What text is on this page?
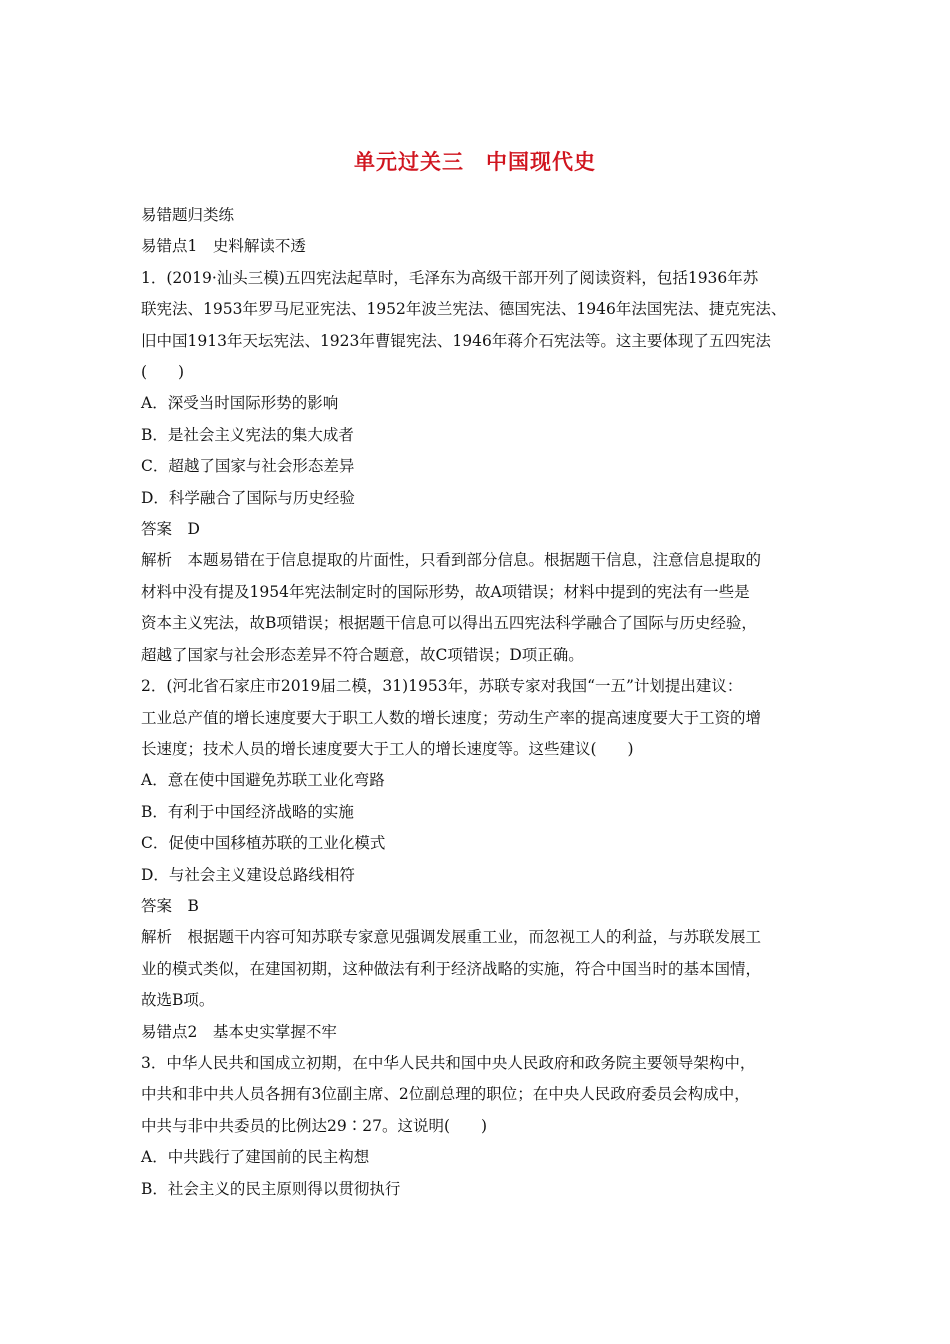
单元过关三　中国现代史
易错题归类练
易错点1　史料解读不透
1．(2019·汕头三模)五四宪法起草时，毛泽东为高级干部开列了阅读资料，包括1936年苏
联宪法、1953年罗马尼亚宪法、1952年波兰宪法、德国宪法、1946年法国宪法、捷克宪法、
旧中国1913年天坛宪法、1923年曹锟宪法、1946年蒋介石宪法等。这主要体现了五四宪法
(　　)
A．深受当时国际形势的影响
B．是社会主义宪法的集大成者
C．超越了国家与社会形态差异
D．科学融合了国际与历史经验
答案　D
解析　本题易错在于信息提取的片面性，只看到部分信息。根据题干信息，注意信息提取的
材料中没有提及1954年宪法制定时的国际形势，故A项错误；材料中提到的宪法有一些是
资本主义宪法，故B项错误；根据题干信息可以得出五四宪法科学融合了国际与历史经验，
超越了国家与社会形态差异不符合题意，故C项错误；D项正确。
2．(河北省石家庄市2019届二模，31)1953年，苏联专家对我国“一五”计划提出建议：
工业总产值的增长速度要大于职工人数的增长速度；劳动生产率的提高速度要大于工资的增
长速度；技术人员的增长速度要大于工人的增长速度等。这些建议(　　)
A．意在使中国避免苏联工业化弯路
B．有利于中国经济战略的实施
C．促使中国移植苏联的工业化模式
D．与社会主义建设总路线相符
答案　B
解析　根据题干内容可知苏联专家意见强调发展重工业，而忽视工人的利益，与苏联发展工
业的模式类似，在建国初期，这种做法有利于经济战略的实施，符合中国当时的基本国情，
故选B项。
易错点2　基本史实掌握不牢
3．中华人民共和国成立初期，在中华人民共和国中央人民政府和政务院主要领导架构中，
中共和非中共人员各拥有3位副主席、2位副总理的职位；在中央人民政府委员会构成中，
中共与非中共委员的比例达29∶27。这说明(　　)
A．中共践行了建国前的民主构想
B．社会主义的民主原则得以贯彻执行
